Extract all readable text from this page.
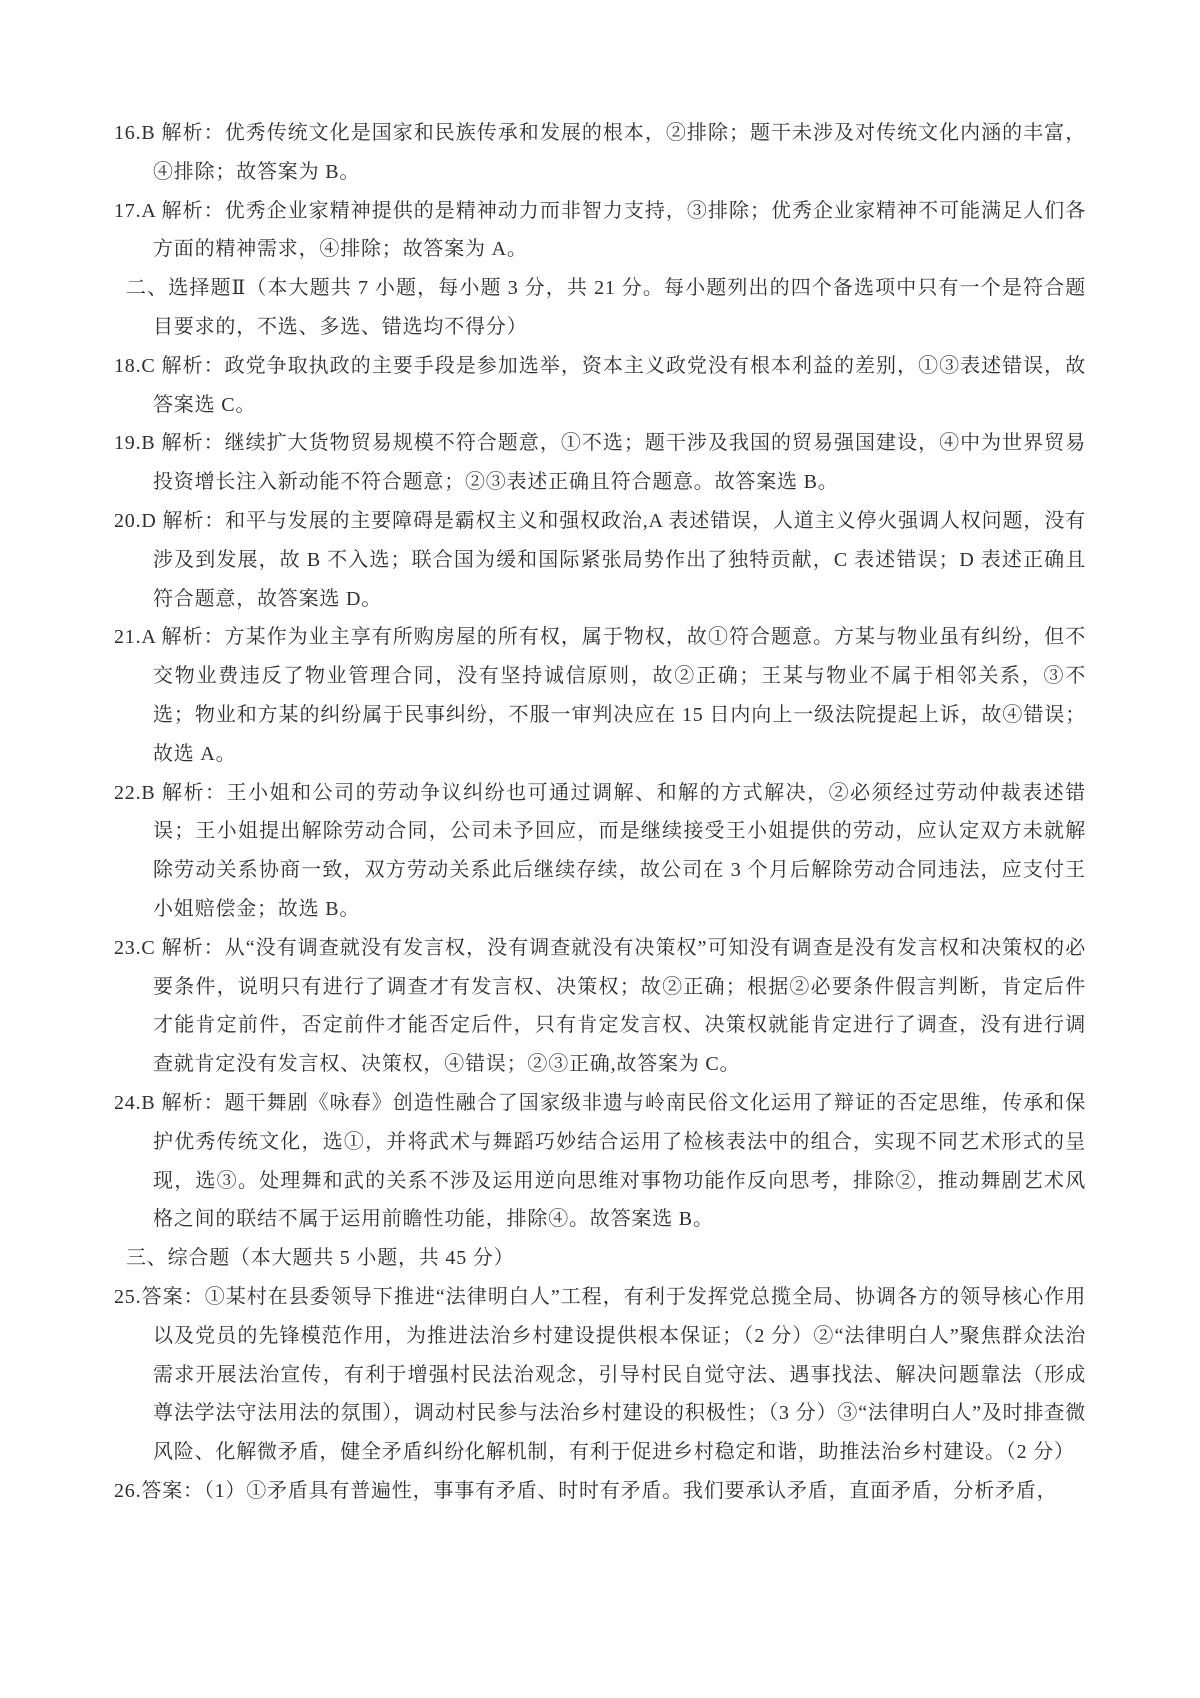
16.B 解析：优秀传统文化是国家和民族传承和发展的根本，②排除；题干未涉及对传统文化内涵的丰富，④排除；故答案为 B。

17.A 解析：优秀企业家精神提供的是精神动力而非智力支持，③排除；优秀企业家精神不可能满足人们各方面的精神需求，④排除；故答案为 A。

二、选择题Ⅱ（本大题共 7 小题，每小题 3 分，共 21 分。每小题列出的四个备选项中只有一个是符合题目要求的，不选、多选、错选均不得分）

18.C 解析：政党争取执政的主要手段是参加选举，资本主义政党没有根本利益的差别，①③表述错误，故答案选 C。

19.B 解析：继续扩大货物贸易规模不符合题意，①不选；题干涉及我国的贸易强国建设，④中为世界贸易投资增长注入新动能不符合题意；②③表述正确且符合题意。故答案选 B。

20.D 解析：和平与发展的主要障碍是霸权主义和强权政治,A 表述错误，人道主义停火强调人权问题，没有涉及到发展，故 B 不入选；联合国为缓和国际紧张局势作出了独特贡献，C 表述错误；D 表述正确且符合题意，故答案选 D。

21.A 解析：方某作为业主享有所购房屋的所有权，属于物权，故①符合题意。方某与物业虽有纠纷，但不交物业费违反了物业管理合同，没有坚持诚信原则，故②正确；王某与物业不属于相邻关系，③不选；物业和方某的纠纷属于民事纠纷，不服一审判决应在 15 日内向上一级法院提起上诉，故④错误；故选 A。

22.B 解析：王小姐和公司的劳动争议纠纷也可通过调解、和解的方式解决，②必须经过劳动仲裁表述错误；王小姐提出解除劳动合同，公司未予回应，而是继续接受王小姐提供的劳动，应认定双方未就解除劳动关系协商一致，双方劳动关系此后继续存续，故公司在 3 个月后解除劳动合同违法，应支付王小姐赔偿金；故选 B。

23.C 解析：从“没有调查就没有发言权，没有调查就没有决策权”可知没有调查是没有发言权和决策权的必要条件，说明只有进行了调查才有发言权、决策权；故②正确；根据②必要条件假言判断，肯定后件才能肯定前件，否定前件才能否定后件，只有肯定发言权、决策权就能肯定进行了调查，没有进行调查就肯定没有发言权、决策权，④错误；②③正确,故答案为 C。

24.B 解析：题干舞剧《咏春》创造性融合了国家级非遗与岭南民俗文化运用了辩证的否定思维，传承和保护优秀传统文化，选①，并将武术与舞蹈巧妙结合运用了检核表法中的组合，实现不同艺术形式的呈现，选③。处理舞和武的关系不涉及运用逆向思维对事物功能作反向思考，排除②，推动舞剧艺术风格之间的联结不属于运用前瞻性功能，排除④。故答案选 B。

三、综合题（本大题共 5 小题，共 45 分）

25.答案：①某村在县委领导下推进“法律明白人”工程，有利于发挥党总揽全局、协调各方的领导核心作用以及党员的先锋模范作用，为推进法治乡村建设提供根本保证；（2 分）②“法律明白人”聚焦群众法治需求开展法治宣传，有利于增强村民法治观念，引导村民自觉守法、遇事找法、解决问题靠法（形成尊法学法守法用法的氛围），调动村民参与法治乡村建设的积极性；（3 分）③“法律明白人”及时排查微风险、化解微矛盾，健全矛盾纠纷化解机制，有利于促进乡村稳定和谐，助推法治乡村建设。（2 分）

26.答案：（1）①矛盾具有普遍性，事事有矛盾、时时有矛盾。我们要承认矛盾，直面矛盾，分析矛盾，
